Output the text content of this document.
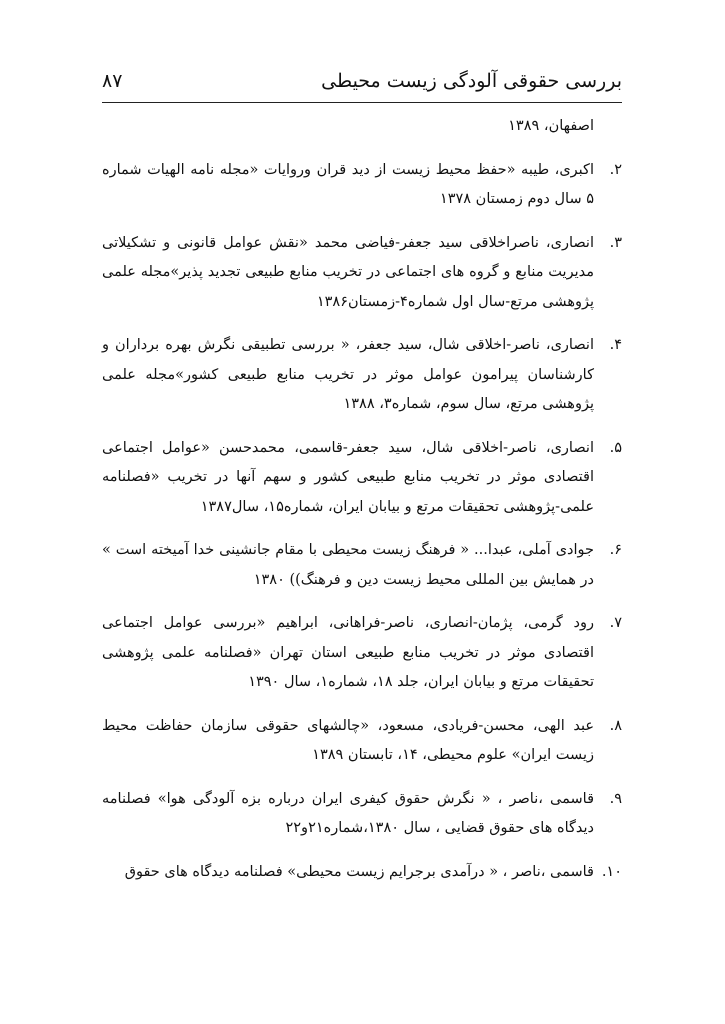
بررسی حقوقی آلودگی زیست محیطی
۸۷

اصفهان، ۱۳۸۹

۲.
اکبری، طیبه «حفظ محیط زیست از دید قران وروایات «مجله نامه الهیات شماره ۵ سال دوم زمستان ۱۳۷۸
۳.
انصاری، ناصراخلاقی سید جعفر-فیاضی محمد «نقش عوامل قانونی و تشکیلاتی مدیریت منابع و گروه های اجتماعی در تخریب منابع طبیعی تجدید پذیر»مجله علمی پژوهشی مرتع-سال اول شماره۴-زمستان۱۳۸۶
۴.
انصاری، ناصر-اخلاقی شال، سید جعفر، « بررسی تطبیقی نگرش بهره برداران و کارشناسان پیرامون عوامل موثر در تخریب منابع طبیعی کشور»مجله علمی پژوهشی مرتع، سال سوم، شماره۳، ۱۳۸۸
۵.
انصاری، ناصر-اخلاقی شال، سید جعفر-قاسمی، محمدحسن «عوامل اجتماعی اقتصادی موثر در تخریب منابع طبیعی کشور و سهم آنها در تخریب «فصلنامه علمی-پژوهشی تحقیقات مرتع و بیابان ایران، شماره۱۵، سال۱۳۸۷
۶.
جوادی آملی، عبدا... « فرهنگ زیست محیطی با مقام جانشینی خدا آمیخته است » در همایش بین المللی محیط زیست دین و فرهنگ)) ۱۳۸۰
۷.
رود گرمی، پژمان-انصاری، ناصر-فراهانی، ابراهیم «بررسی عوامل اجتماعی اقتصادی موثر در تخریب منابع طبیعی استان تهران «فصلنامه علمی پژوهشی تحقیقات مرتع و بیابان ایران، جلد ۱۸، شماره۱، سال ۱۳۹۰
۸.
عبد الهی، محسن-فریادی، مسعود، «چالشهای حقوقی سازمان حفاظت محیط زیست ایران» علوم محیطی، ۱۴، تابستان ۱۳۸۹
۹.
قاسمی ،ناصر ، « نگرش حقوق کیفری ایران درباره بزه آلودگی هوا» فصلنامه دیدگاه های حقوق قضایی ، سال ۱۳۸۰،شماره۲۱و۲۲
۱۰.
قاسمی ،ناصر ، « درآمدی برجرایم زیست محیطی» فصلنامه دیدگاه های حقوق
